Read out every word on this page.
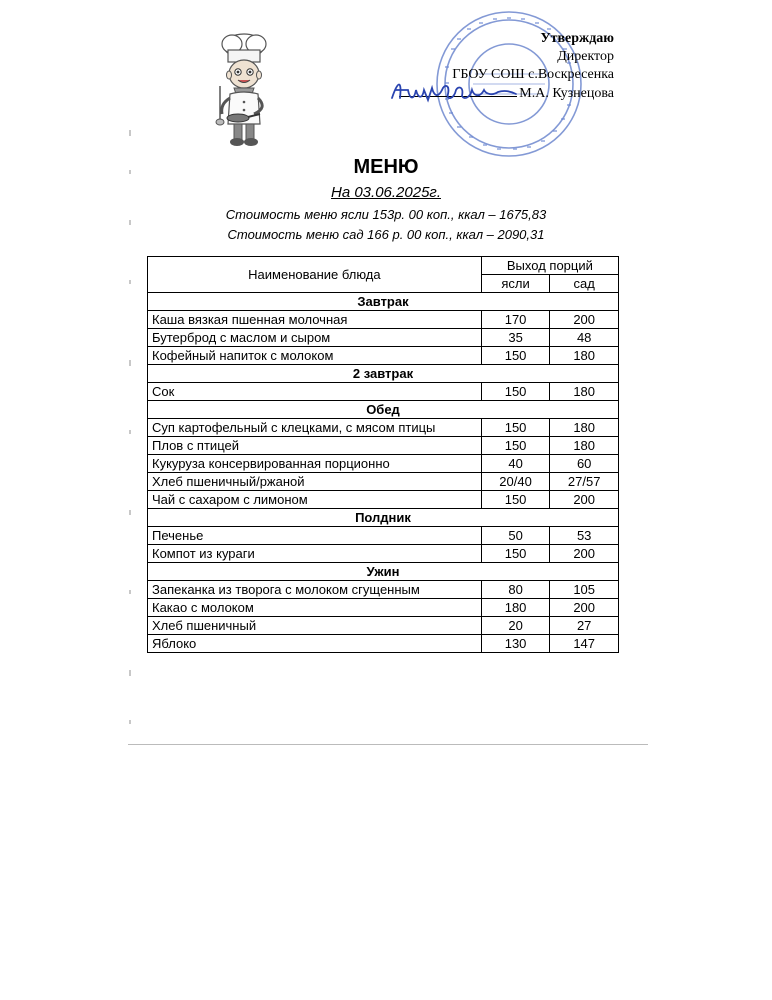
Утверждаю
Директор
ГБОУ СОШ с.Воскресенка
М.А. Кузнецова
МЕНЮ
На 03.06.2025г.
Стоимость меню ясли 153р. 00 коп., ккал – 1675,83
Стоимость меню сад 166 р. 00 коп., ккал – 2090,31
Наименование блюда	Выход порций	
	ясли	сад
Завтрак		
Каша вязкая пшенная молочная	170	200
Бутерброд с маслом и сыром	35	48
Кофейный напиток с молоком	150	180
2 завтрак		
Сок	150	180
Обед		
Суп картофельный с клецками, с мясом птицы	150	180
Плов с птицей	150	180
Кукуруза консервированная порционно	40	60
Хлеб пшеничный/ржаной	20/40	27/57
Чай с сахаром с лимоном	150	200
Полдник		
Печенье	50	53
Компот из кураги	150	200
Ужин		
Запеканка из творога с молоком сгущенным	80	105
Какао с молоком	180	200
Хлеб пшеничный	20	27
Яблоко	130	147
